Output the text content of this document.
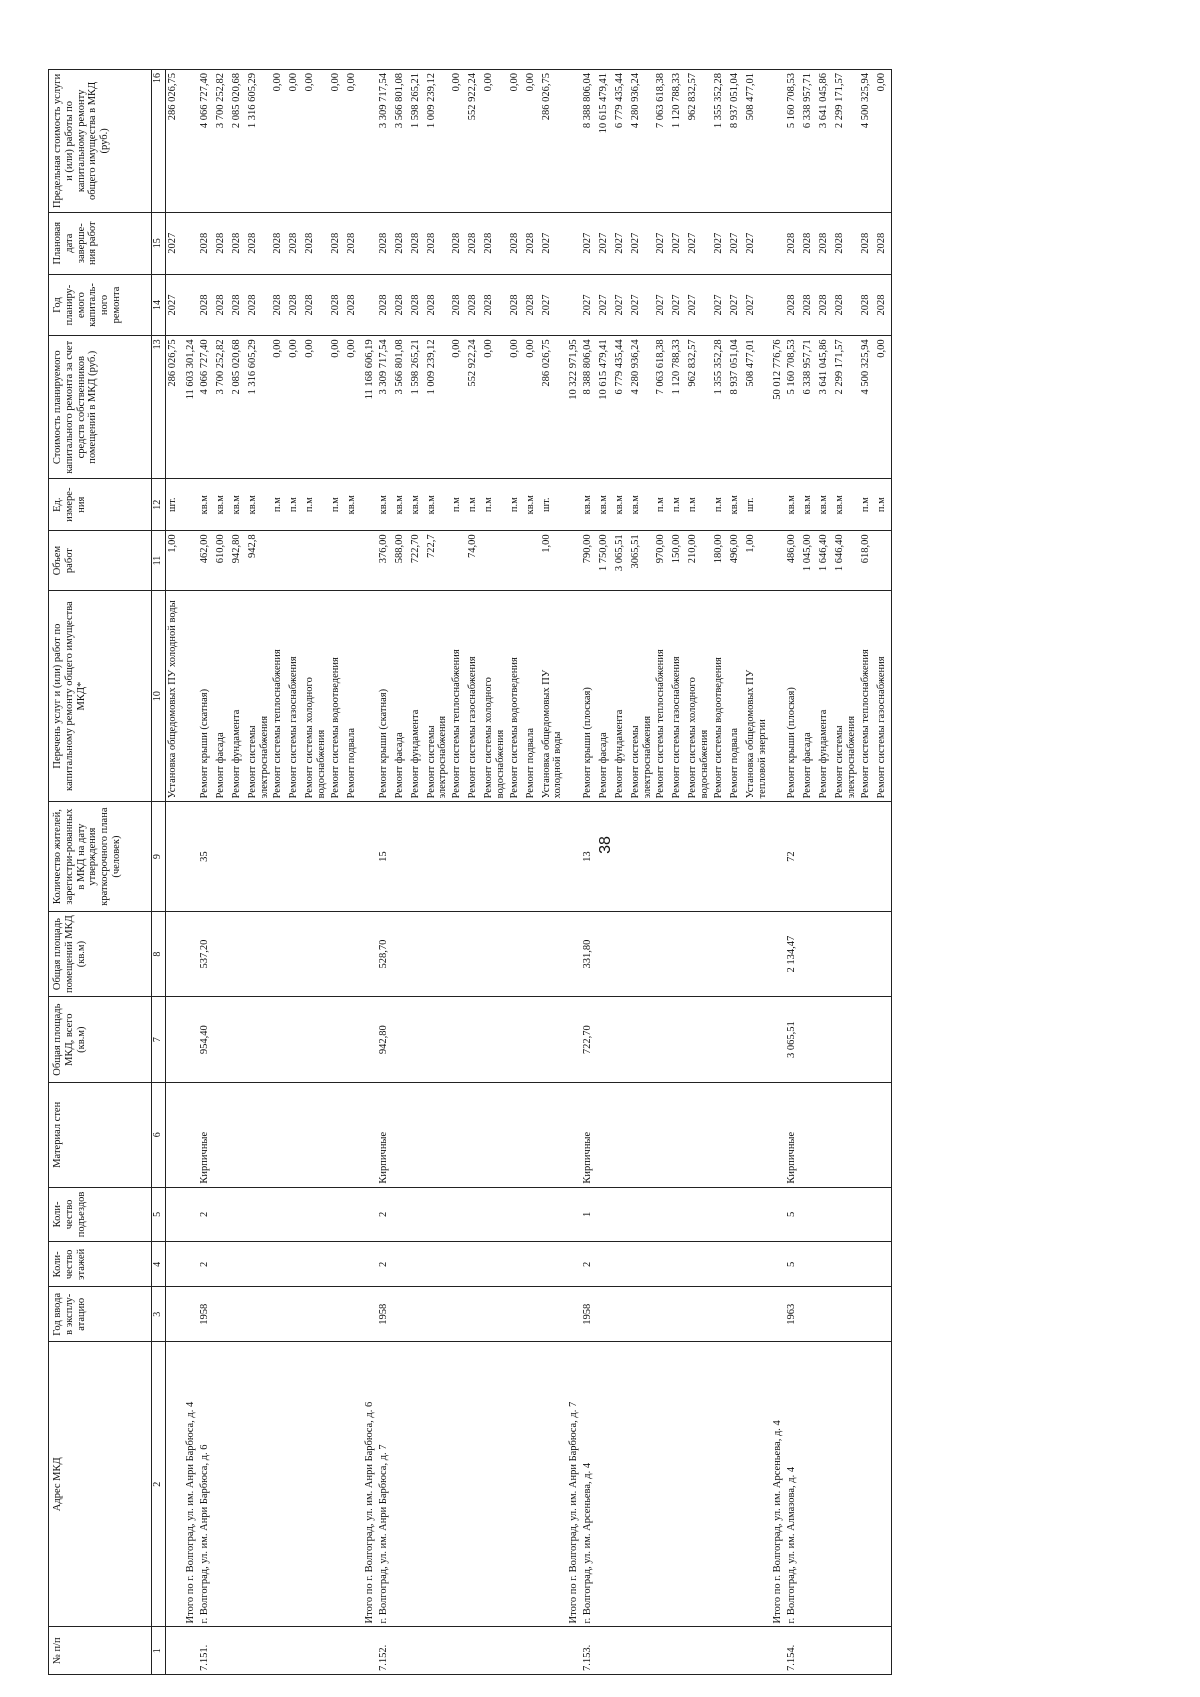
38
№ п/п	Адрес МКД	Год ввода в эксплу-атацию	Коли-чество этажей	Коли-чество подъездов	Материал стен	Общая площадь МКД, всего (кв.м)	Общая площадь помещений МКД (кв.м)	Количество жителей, зарегистри-рованных в МКД на дату утверждения краткосрочного плана (человек)	Перечень услуг и (или) работ по капитальному ремонту общего имущества МКД*	Объем работ	Ед. измере-ния	Стоимость планируемого капитального ремонта за счет средств собственников помещений в МКД (руб.)	Год планиру-емого капиталь-ного ремонта	Плановая дата заверше-ния работ	Предельная стоимость услуги и (или) работы по капитальному ремонту общего имущества в МКД (руб.)
1	2	3	4	5	6	7	8	9	10	11	12	13	14	15	16
									Установка общедомовых ПУ холодной воды	1,00	шт.	286 026,75	2027	2027	286 026,75
	Итого по г. Волгоград, ул. им. Анри Барбюса, д. 4											11 603 301,24			
7.151.	г. Волгоград, ул. им. Анри Барбюса, д. 6	1958	2	2	Кирпичные	954,40	537,20	35	Ремонт крыши (скатная)	462,00	кв.м	4 066 727,40	2028	2028	4 066 727,40
									Ремонт фасада	610,00	кв.м	3 700 252,82	2028	2028	3 700 252,82
									Ремонт фундамента	942,80	кв.м	2 085 020,68	2028	2028	2 085 020,68
									Ремонт системы
электроснабжения	942,8	кв.м	1 316 605,29	2028	2028	1 316 605,29
									Ремонт системы теплоснабжения		п.м	0,00	2028	2028	0,00
									Ремонт системы газоснабжения		п.м	0,00	2028	2028	0,00
									Ремонт системы холодного
водоснабжения		п.м	0,00	2028	2028	0,00
									Ремонт системы водоотведения		п.м	0,00	2028	2028	0,00
									Ремонт подвала		кв.м	0,00	2028	2028	0,00
	Итого по г. Волгоград, ул. им. Анри Барбюса, д. 6											11 168 606,19			
7.152.	г. Волгоград, ул. им. Анри Барбюса, д. 7	1958	2	2	Кирпичные	942,80	528,70	15	Ремонт крыши (скатная)	376,00	кв.м	3 309 717,54	2028	2028	3 309 717,54
									Ремонт фасада	588,00	кв.м	3 566 801,08	2028	2028	3 566 801,08
									Ремонт фундамента	722,70	кв.м	1 598 265,21	2028	2028	1 598 265,21
									Ремонт системы
электроснабжения	722,7	кв.м	1 009 239,12	2028	2028	1 009 239,12
									Ремонт системы теплоснабжения		п.м	0,00	2028	2028	0,00
									Ремонт системы газоснабжения	74,00	п.м	552 922,24	2028	2028	552 922,24
									Ремонт системы холодного
водоснабжения		п.м	0,00	2028	2028	0,00
									Ремонт системы водоотведения		п.м	0,00	2028	2028	0,00
									Ремонт подвала		кв.м	0,00	2028	2028	0,00
									Установка общедомовых ПУ
холодной воды	1,00	шт.	286 026,75	2027	2027	286 026,75
	Итого по г. Волгоград, ул. им. Анри Барбюса, д. 7											10 322 971,95			
7.153.	г. Волгоград, ул. им. Арсеньева, д. 4	1958	2	1	Кирпичные	722,70	331,80	13	Ремонт крыши (плоская)	790,00	кв.м	8 388 806,04	2027	2027	8 388 806,04
									Ремонт фасада	1 750,00	кв.м	10 615 479,41	2027	2027	10 615 479,41
									Ремонт фундамента	3 065,51	кв.м	6 779 435,44	2027	2027	6 779 435,44
									Ремонт системы
электроснабжения	3065,51	кв.м	4 280 936,24	2027	2027	4 280 936,24
									Ремонт системы теплоснабжения	970,00	п.м	7 063 618,38	2027	2027	7 063 618,38
									Ремонт системы газоснабжения	150,00	п.м	1 120 788,33	2027	2027	1 120 788,33
									Ремонт системы холодного
водоснабжения	210,00	п.м	962 832,57	2027	2027	962 832,57
									Ремонт системы водоотведения	180,00	п.м	1 355 352,28	2027	2027	1 355 352,28
									Ремонт подвала	496,00	кв.м	8 937 051,04	2027	2027	8 937 051,04
									Установка общедомовых ПУ
тепловой энергии	1,00	шт.	508 477,01	2027	2027	508 477,01
	Итого по г. Волгоград, ул. им. Арсеньева, д. 4											50 012 776,76			
7.154.	г. Волгоград, ул. им. Алмазова, д. 4	1963	5	5	Кирпичные	3 065,51	2 134,47	72	Ремонт крыши (плоская)	486,00	кв.м	5 160 708,53	2028	2028	5 160 708,53
									Ремонт фасада	1 045,00	кв.м	6 338 957,71	2028	2028	6 338 957,71
									Ремонт фундамента	1 646,40	кв.м	3 641 045,86	2028	2028	3 641 045,86
									Ремонт системы
электроснабжения	1 646,40	кв.м	2 299 171,57	2028	2028	2 299 171,57
									Ремонт системы теплоснабжения	618,00	п.м	4 500 325,94	2028	2028	4 500 325,94
									Ремонт системы газоснабжения		п.м	0,00	2028	2028	0,00
